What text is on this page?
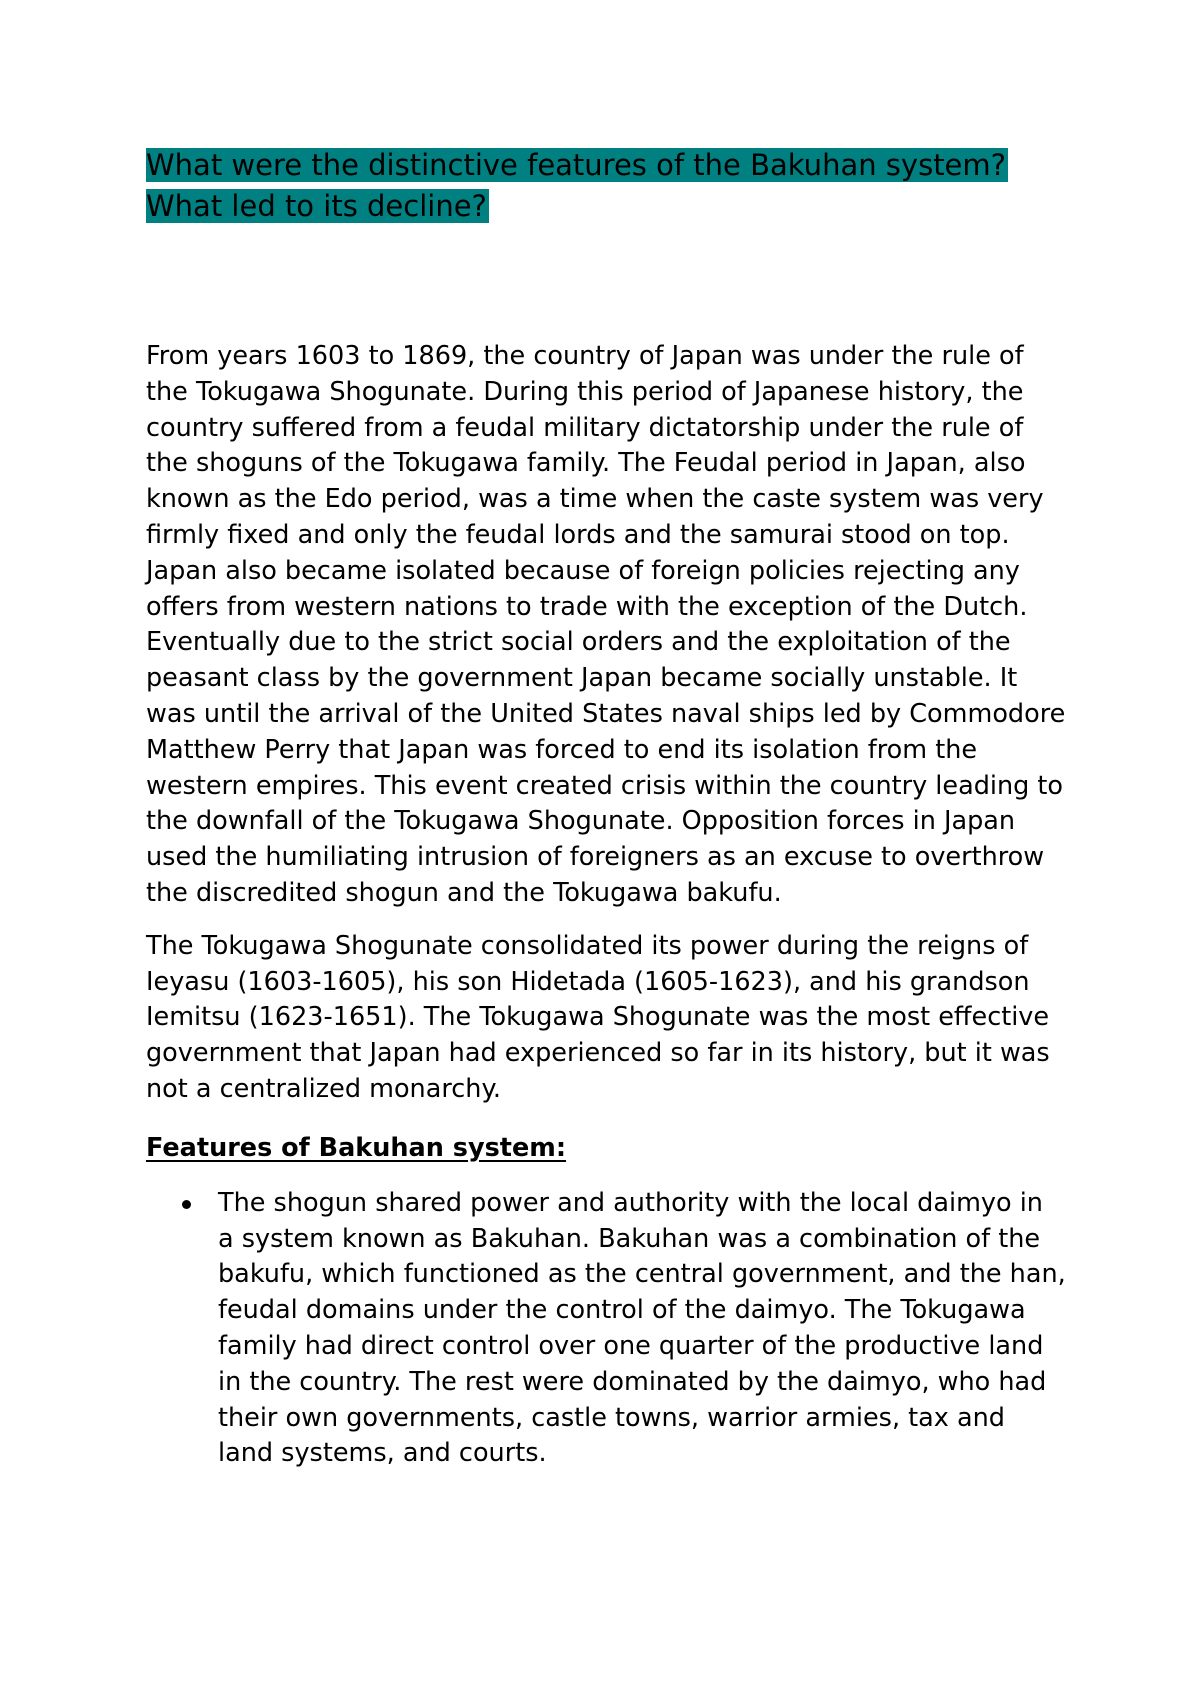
What were the distinctive features of the Bakuhan system? What led to its decline?

From years 1603 to 1869, the country of Japan was under the rule of the Tokugawa Shogunate. During this period of Japanese history, the country suffered from a feudal military dictatorship under the rule of the shoguns of the Tokugawa family. The Feudal period in Japan, also known as the Edo period, was a time when the caste system was very firmly fixed and only the feudal lords and the samurai stood on top. Japan also became isolated because of foreign policies rejecting any offers from western nations to trade with the exception of the Dutch. Eventually due to the strict social orders and the exploitation of the peasant class by the government Japan became socially unstable. It was until the arrival of the United States naval ships led by Commodore Matthew Perry that Japan was forced to end its isolation from the western empires. This event created crisis within the country leading to the downfall of the Tokugawa Shogunate. Opposition forces in Japan used the humiliating intrusion of foreigners as an excuse to overthrow the discredited shogun and the Tokugawa bakufu.

The Tokugawa Shogunate consolidated its power during the reigns of Ieyasu (1603-1605), his son Hidetada (1605-1623), and his grandson Iemitsu (1623-1651). The Tokugawa Shogunate was the most effective government that Japan had experienced so far in its history, but it was not a centralized monarchy.

Features of Bakuhan system:
The shogun shared power and authority with the local daimyo in a system known as Bakuhan. Bakuhan was a combination of the bakufu, which functioned as the central government, and the han, feudal domains under the control of the daimyo. The Tokugawa family had direct control over one quarter of the productive land in the country. The rest were dominated by the daimyo, who had their own governments, castle towns, warrior armies, tax and land systems, and courts.
